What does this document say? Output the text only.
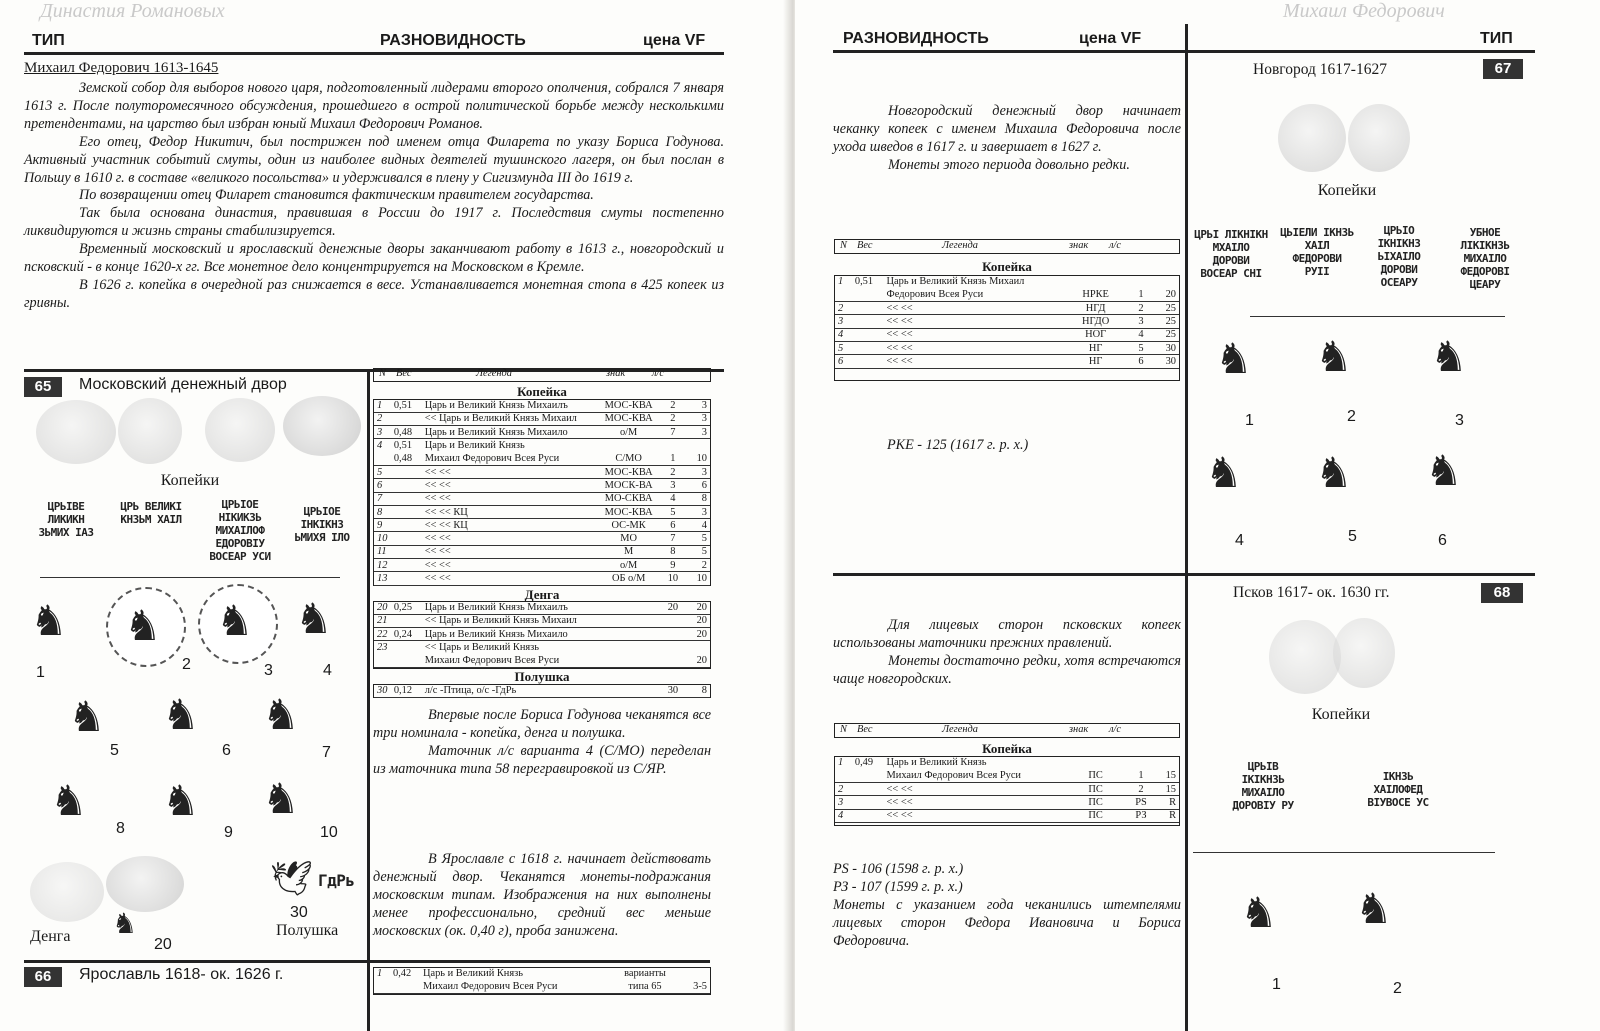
Династия Романовых
ТИП	РАЗНОВИДНОСТЬ	цена VF
Михаил Федорович 1613-1645

Земской собор для выборов нового царя, подготовленный лидерами второго ополчения, собрался 7 января 1613 г. После полуторомесячного обсуждения, прошедшего в острой политической борьбе между несколькими претендентами, на царство был избран юный Михаил Федорович Романов.

Его отец, Федор Никитич, был пострижен под именем отца Филарета по указу Бориса Годунова. Активный участник событий смуты, один из наиболее видных деятелей тушинского лагеря, он был послан в Польшу в 1610 г. в составе «великого посольства» и удерживался в плену у Сигизмунда III до 1619 г.

По возвращении отец Филарет становится фактическим правителем государства.

Так была основана династия, правившая в России до 1917 г. Последствия смуты постепенно ликвидируются и жизнь страны стабилизируется.

Временный московский и ярославский денежные дворы заканчивают работу в 1613 г., новгородский и псковский - в конце 1620-х гг. Все монетное дело концентрируется на Московском в Кремле.

В 1626 г. копейка в очередной раз снижается в весе. Устанавливается монетная стопа в 425 копеек из гривны.

65	Московский денежный двор
Копейки
ЦРЬІВЕ ЛИКИКН ЗЬМИХ ІАЗ
ЦРЬ ВЕЛИКІ КНЗЬМ ХАІЛ
ЦРЬІОЕ НІКИКЗЬ МИХАІЛОФ ЕДОРОВІУ ВОСЕАР УСИ
ЦРЬІОЕ ІНКІКНЗ ЬМИХЯ ІЛО
♞ ♞ ♞ ♞
1	2	3	4
♞ ♞ ♞
5	6	7
♞ ♞ ♞
8	9	10
🕊 ГдРь
30
♞
20
Денга	Полушка
N Вес	Легенда	знак	л/с
Копейка
1	0,51	Царь и Великий Князь Михаилъ	МОС-КВА	2	3
2		<< Царь и Великий Князь Михаил	МОС-КВА	2	3
3	0,48	Царь и Великий Князь Михаило	о/М	7	3
4	0,51	Царь и Великий Князь			
	0,48	Михаил Федорович Всея Руси	С/МО	1	10
5		<< <<	МОС-КВА	2	3
6		<< <<	МОСК-ВА	3	6
7		<< <<	МО-СКВА	4	8
8		<< << КЦ	МОС-КВА	5	3
9		<< << КЦ	ОС-МК	6	4
10		<< <<	МО	7	5
11		<< <<	М	8	5
12		<< <<	о/М	9	2
13		<< <<	ОБ о/М	10	10
Денга
20	0,25	Царь и Великий Князь Михаилъ		20	20
21		<< Царь и Великий Князь Михаил			20
22	0,24	Царь и Великий Князь Михаило			20
23		<< Царь и Великий Князь			
		Михаил Федорович Всея Руси			20
Полушка
30	0,12	л/с -Птица, о/с -ГдРь		30	8

Впервые после Бориса Годунова чеканятся все три номинала - копейка, денга и полушка.

Маточник л/с варианта 4 (С/МО) переделан из маточника типа 58 перегравировкой из С/ЯР.

В Ярославле с 1618 г. начинает действовать денежный двор. Чеканятся монеты-подражания московским типам. Изображения на них выполнены менее профессионально, средний вес меньше московских (ок. 0,40 г), проба занижена.

66	Ярославль 1618- ок. 1626 г.	1	0,42	Царь и Великий Князь	варианты	
		Михаил Федорович Всея Руси	типа 65	3-5
Михаил Федорович
РАЗНОВИДНОСТЬ	цена VF	ТИП
Новгород 1617-1627	67
Копейки
ЦРЬІ ЛІКНІКН МХАІЛО ДОРОВИ ВОСЕАР СНІ
ЦЬІЕЛИ ІКНЗЬ ХАІЛ ФЕДОРОВИ РУІІ
ЦРЬІО ІКНІКНЗ ЬІХАІЛО ДОРОВИ ОСЕАРУ
УБНОЕ ЛІКІКНЗЬ МИХАІЛО ФЕДОРОВІ ЦЕАРУ
♞ ♞ ♞
1	2	3
♞ ♞ ♞
4	5	6

Новгородский денежный двор начинает чеканку копеек с именем Михаила Федоровича после ухода шведов в 1617 г. и завершает в 1627 г.

Монеты этого периода довольно редки.

N Вес	Легенда	знак л/с
Копейка
1	0,51	Царь и Великий Князь Михаил			
		Федорович Всея Руси	НРКЕ	1	20
2		<< <<	НГД	2	25
3		<< <<	НГДО	3	25
4		<< <<	НОГ	4	25
5		<< <<	НГ	5	30
6		<< <<	НГ	6	30
РКЕ - 125 (1617 г. р. х.)
Псков 1617- ок. 1630 гг.	68
Копейки
ЦРЬІВ ІКІКНЗЬ МИХАІЛО ДОРОВІУ РУ
ІКНЗЬ ХАІЛОФЕД ВІУВОСЕ УС
♞ ♞
1	2

Для лицевых сторон псковских копеек использованы маточники прежних правлений.

Монеты достаточно редки, хотя встречаются чаще новгородских.

N Вес	Легенда	знак л/с
Копейка
1	0,49	Царь и Великий Князь			
		Михаил Федорович Всея Руси	ПС	1	15
2		<< <<	ПС	2	15
3		<< <<	ПС	PS	R
4		<< <<	ПС	РЗ	R
PS - 106 (1598 г. р. х.)
РЗ - 107 (1599 г. р. х.)
Монеты с указанием года чеканились штемпелями лицевых сторон Федора Ивановича и Бориса Федоровича.
